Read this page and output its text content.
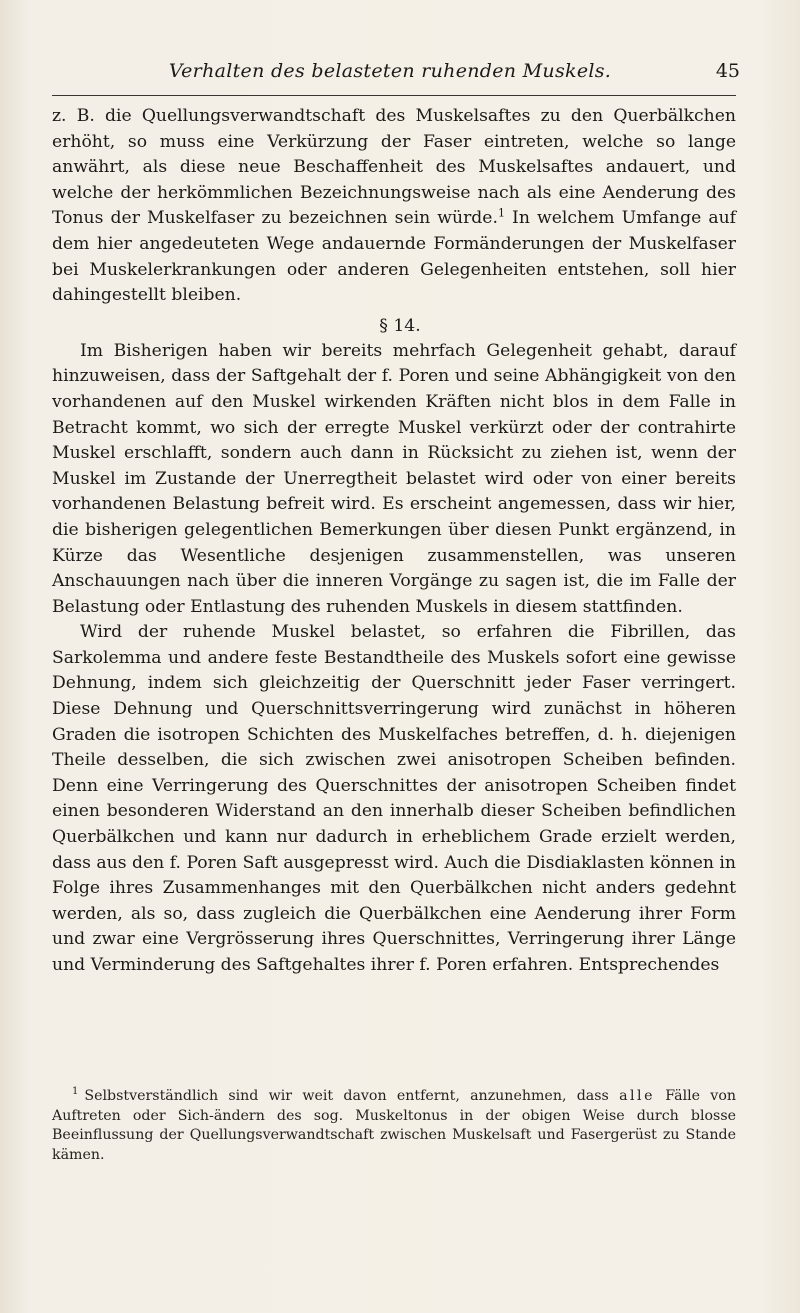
Verhalten des belasteten ruhenden Muskels.	45

z. B. die Quellungsverwandtschaft des Muskelsaftes zu den Querbälkchen erhöht, so muss eine Verkürzung der Faser eintreten, welche so lange anwährt, als diese neue Beschaffenheit des Muskelsaftes andauert, und welche der herkömmlichen Bezeichnungsweise nach als eine Aenderung des Tonus der Muskelfaser zu bezeichnen sein würde.$^1$ In welchem Umfange auf dem hier angedeuteten Wege andauernde Formänderungen der Muskelfaser bei Muskelerkrankungen oder anderen Gelegenheiten entstehen, soll hier dahingestellt bleiben.

§ 14.

Im Bisherigen haben wir bereits mehrfach Gelegenheit gehabt, darauf hinzuweisen, dass der Saftgehalt der f. Poren und seine Abhängigkeit von den vorhandenen auf den Muskel wirkenden Kräften nicht blos in dem Falle in Betracht kommt, wo sich der erregte Muskel verkürzt oder der contrahirte Muskel erschlafft, sondern auch dann in Rücksicht zu ziehen ist, wenn der Muskel im Zustande der Unerregtheit belastet wird oder von einer bereits vorhandenen Belastung befreit wird. Es erscheint angemessen, dass wir hier, die bisherigen gelegentlichen Bemerkungen über diesen Punkt ergänzend, in Kürze das Wesentliche desjenigen zusammenstellen, was unseren Anschauungen nach über die inneren Vorgänge zu sagen ist, die im Falle der Belastung oder Entlastung des ruhenden Muskels in diesem stattfinden.

Wird der ruhende Muskel belastet, so erfahren die Fibrillen, das Sarkolemma und andere feste Bestandtheile des Muskels sofort eine gewisse Dehnung, indem sich gleichzeitig der Querschnitt jeder Faser verringert. Diese Dehnung und Querschnittsverringerung wird zunächst in höheren Graden die isotropen Schichten des Muskelfaches betreffen, d. h. diejenigen Theile desselben, die sich zwischen zwei anisotropen Scheiben befinden. Denn eine Verringerung des Querschnittes der anisotropen Scheiben findet einen besonderen Widerstand an den innerhalb dieser Scheiben befindlichen Querbälkchen und kann nur dadurch in erheblichem Grade erzielt werden, dass aus den f. Poren Saft ausgepresst wird. Auch die Disdiaklasten können in Folge ihres Zusammenhanges mit den Querbälkchen nicht anders gedehnt werden, als so, dass zugleich die Querbälkchen eine Aenderung ihrer Form und zwar eine Vergrösserung ihres Querschnittes, Verringerung ihrer Länge und Verminderung des Saftgehaltes ihrer f. Poren erfahren. Entsprechendes

$^1$ Selbstverständlich sind wir weit davon entfernt, anzunehmen, dass alle Fälle von Auftreten oder Sich-ändern des sog. Muskeltonus in der obigen Weise durch blosse Beeinflussung der Quellungsverwandtschaft zwischen Muskelsaft und Fasergerüst zu Stande kämen.
